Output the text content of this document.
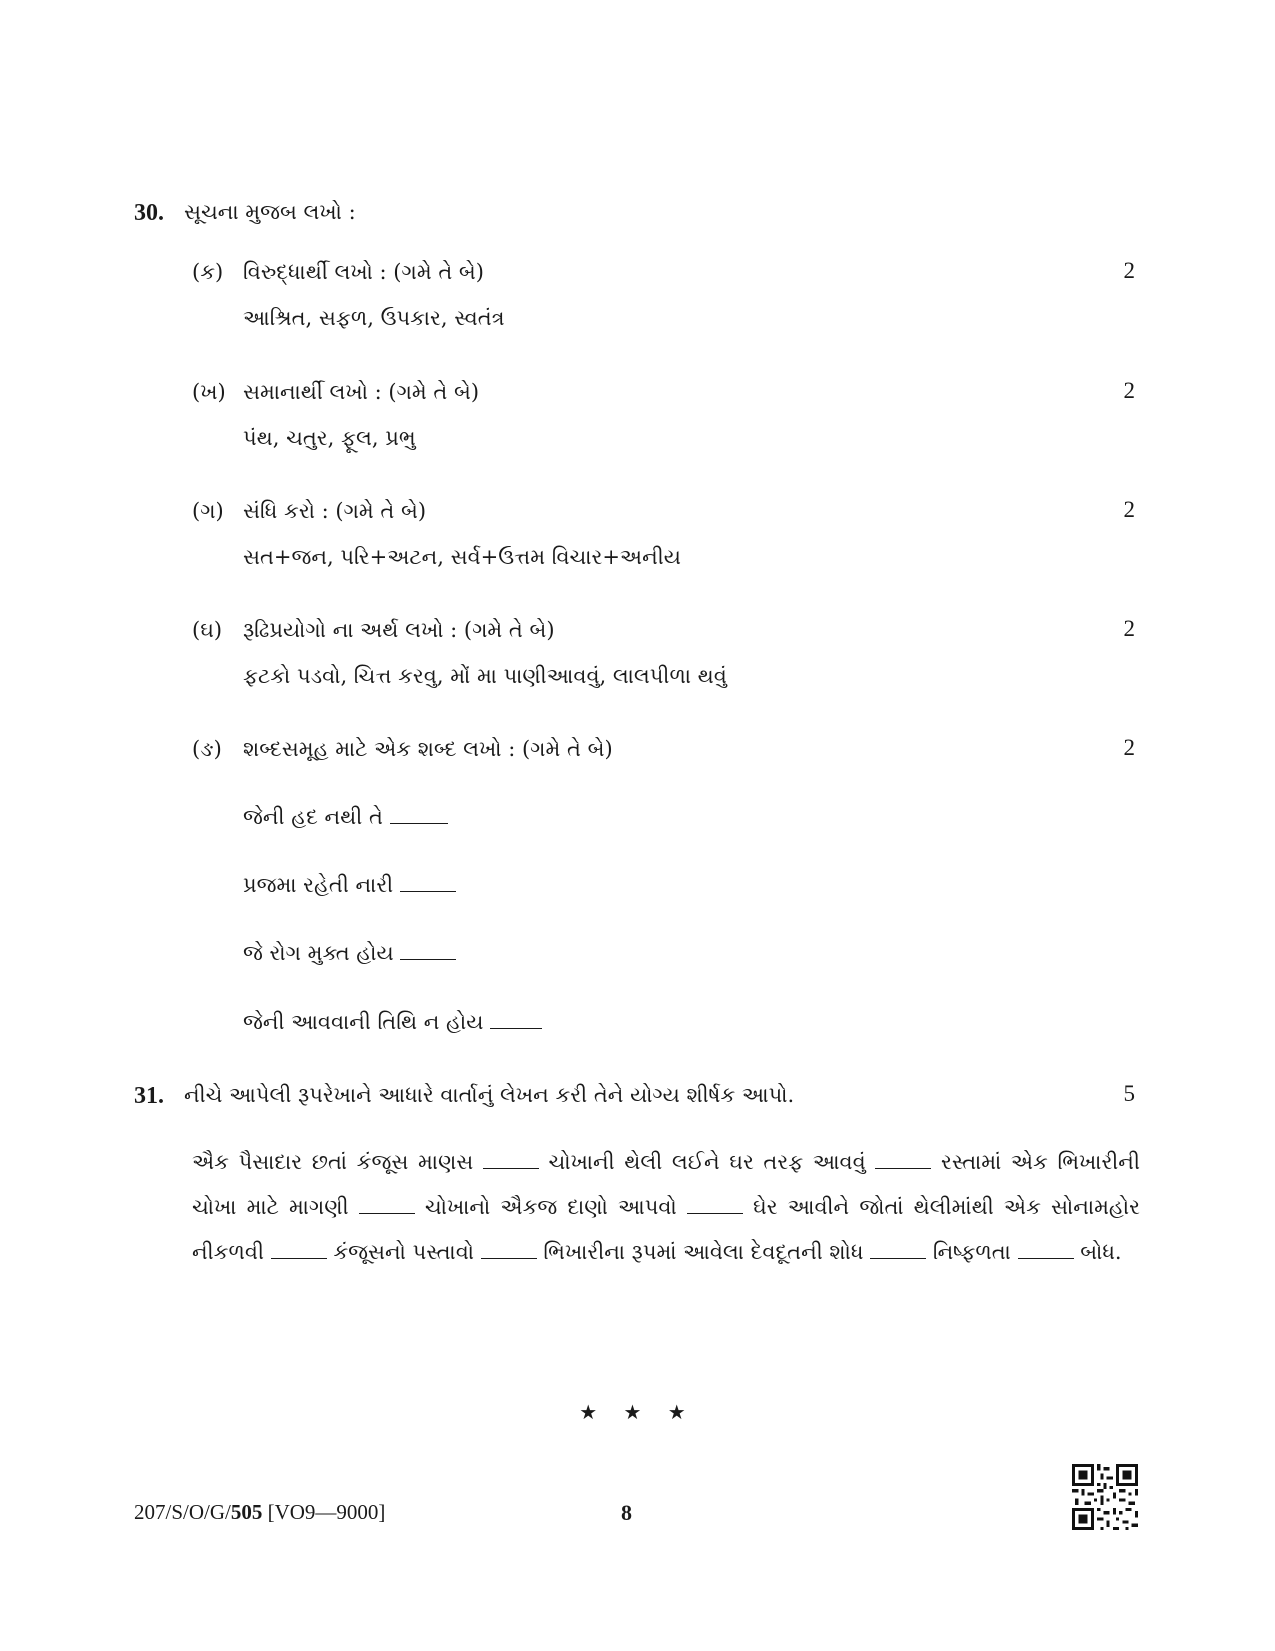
30. સૂચના મુજબ લખો :
(ક) વિરુદ્ધાર્થી લખો : (ગમે તે બે)	2
આશ્રિત, સફળ, ઉપકાર, સ્વતંત્ર
(ખ) સમાનાર્થી લખો : (ગમે તે બે)	2
પંથ, ચતુર, ફૂલ, પ્રભુ
(ગ) સંધિ કરો : (ગમે તે બે)	2
સત+જન, પરિ+અટન, સર્વ+ઉત્તમ વિચાર+અનીય
(ઘ) રૂઢિપ્રયોગો ના અર્થ લખો : (ગમે તે બે)	2
ફટકો પડવો, ચિત્ત કરવુ, મોં મા પાણીઆવવું, લાલપીળા થવું
(ઙ) શબ્દસમૂહ માટે એક શબ્દ લખો : (ગમે તે બે)	2
જેની હદ નથી તે
પ્રજમા રહેતી નારી
જે રોગ મુક્ત હોય
જેની આવવાની તિથિ ન હોય
31. નીચે આપેલી રૂપરેખાને આધારે વાર્તાનું લેખન કરી તેને યોગ્ય શીર્ષક આપો.	5
ઐક પૈસાદાર છતાં કંજૂસ માણસ	ચોખાની થેલી લઈને ઘર તરફ આવવું	રસ્તામાં એક ભિખારીની ચોખા માટે માગણી	ચોખાનો ઐકજ દાણો આપવો	ઘેર આવીને જોતાં થેલીમાંથી એક સોનામહોર નીકળવી	કંજૂસનો પસ્તાવો	ભિખારીના રૂપમાં આવેલા દેવદૂતની શોધ	નિષ્ફળતા	બોધ.
★ ★ ★
207/S/O/G/505 [VO9—9000]	8
